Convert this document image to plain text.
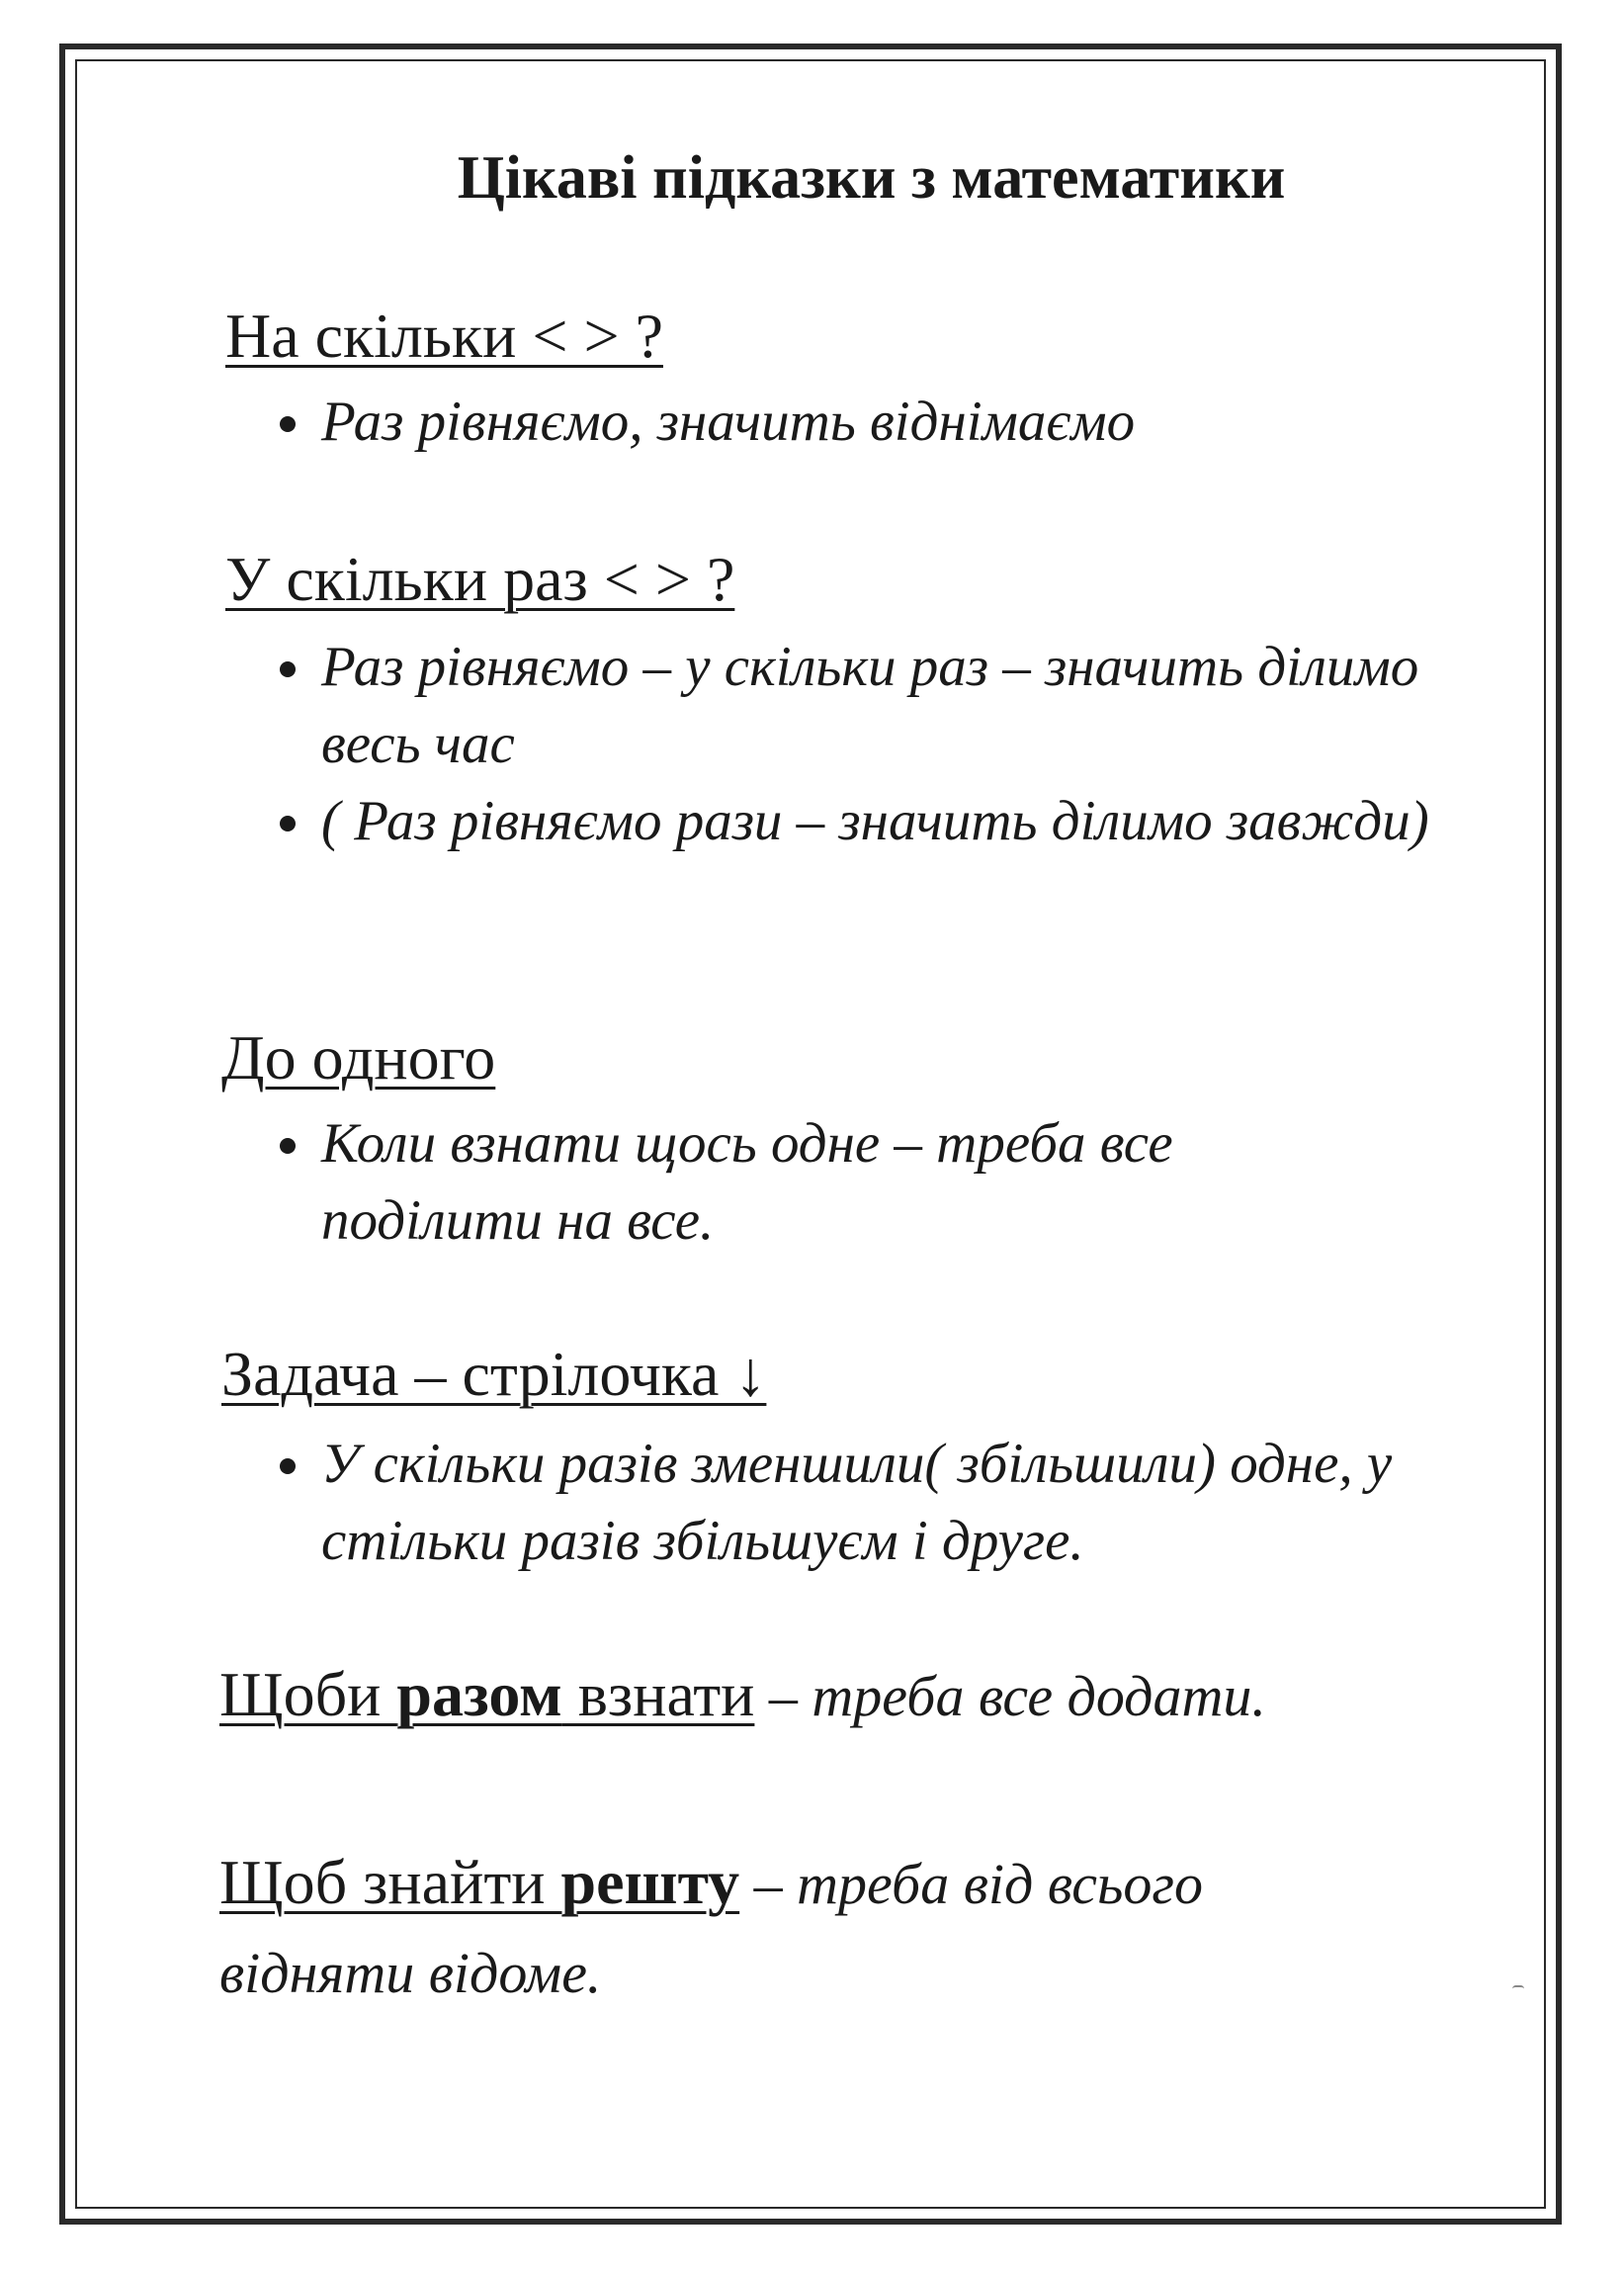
Цікаві підказки з математики
На скільки < > ?
Раз рівняємо, значить віднімаємо
У скільки раз < > ?
Раз рівняємо – у скільки раз – значить ділимо весь час
( Раз рівняємо рази – значить ділимо завжди)
До одного
Коли взнати щось одне – треба все поділити на все.
Задача – стрілочка ↓
У скільки разів зменшили( збільшили) одне, у стільки разів збільшуєм і друге.
Щоби разом взнати – треба все додати.
Щоб знайти решту – треба від всього відняти відоме.
